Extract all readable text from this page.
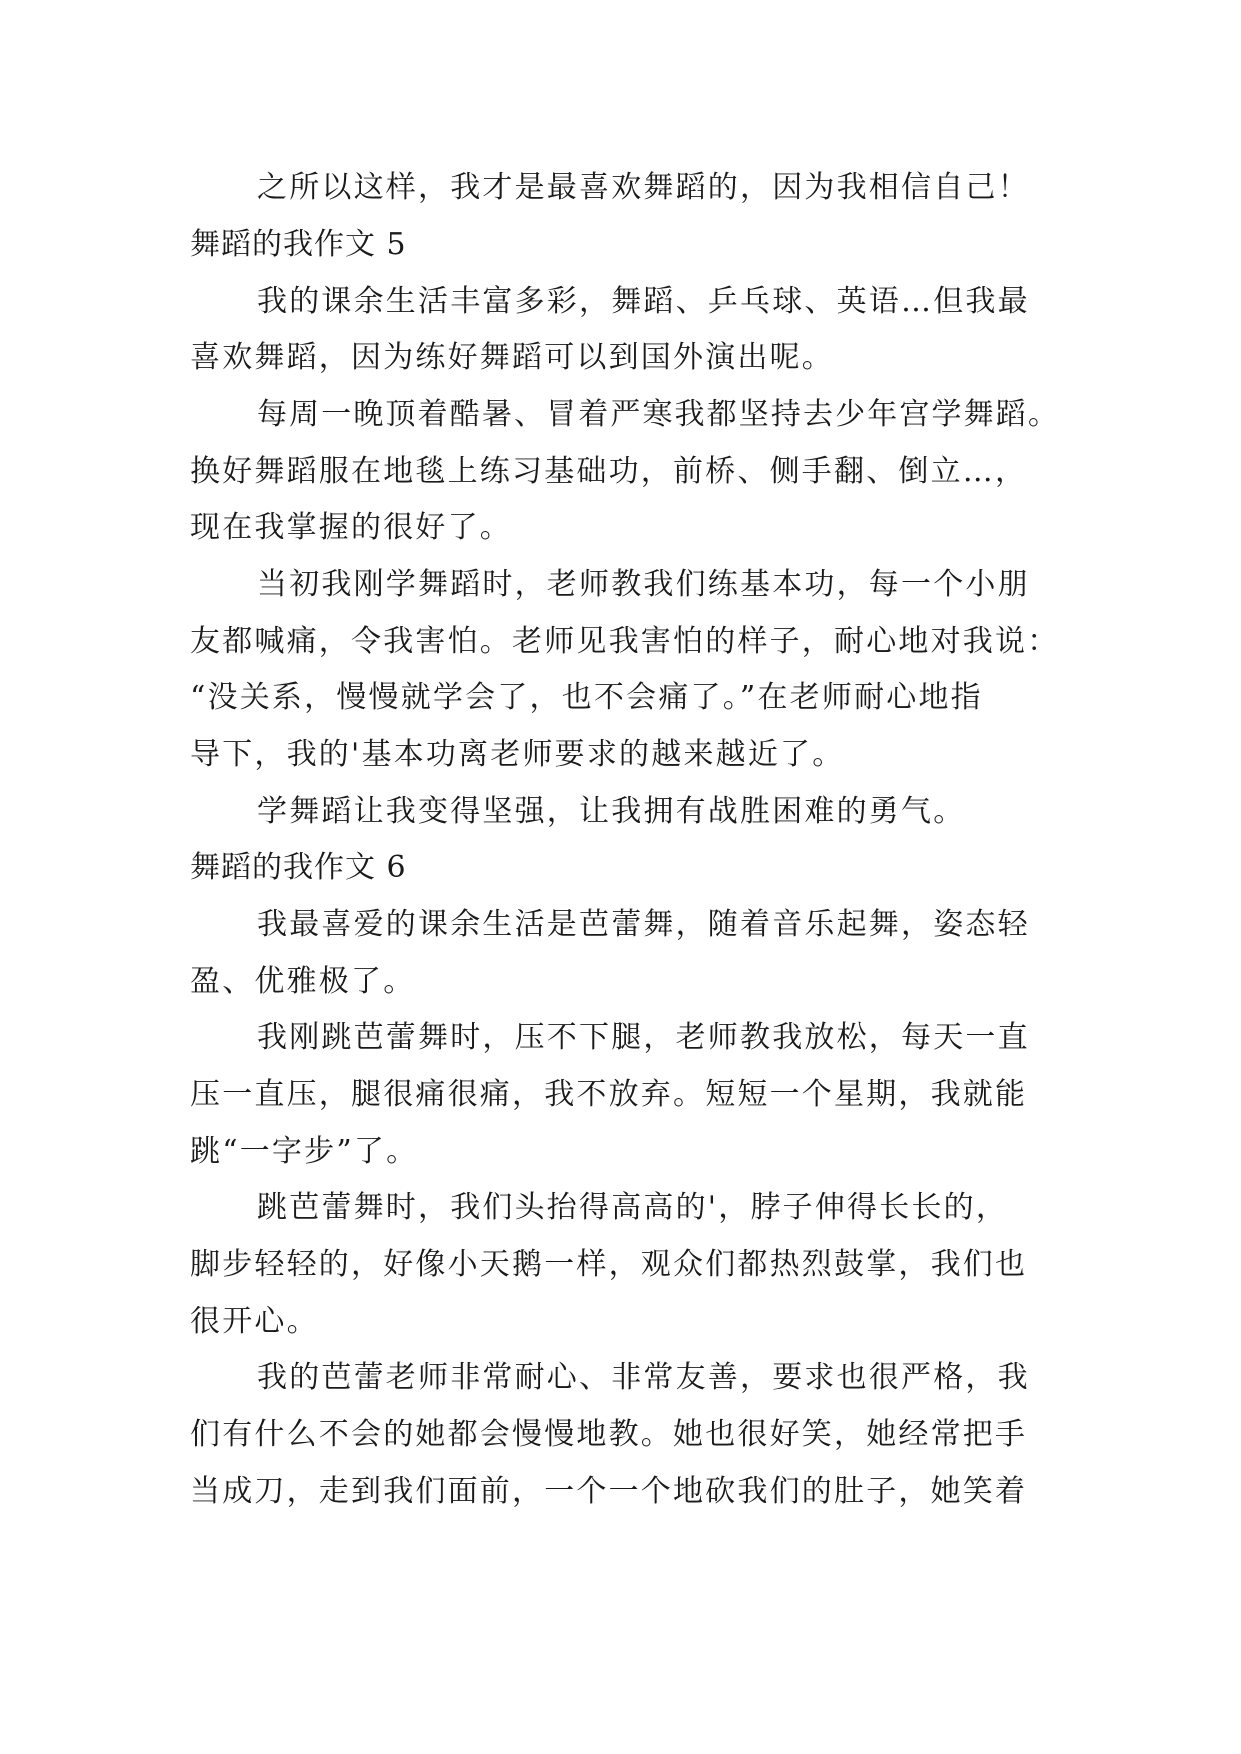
之所以这样，我才是最喜欢舞蹈的，因为我相信自己！
舞蹈的我作文 5
我的课余生活丰富多彩，舞蹈、乒乓球、英语…但我最
喜欢舞蹈，因为练好舞蹈可以到国外演出呢。
每周一晚顶着酷暑、冒着严寒我都坚持去少年宫学舞蹈。
换好舞蹈服在地毯上练习基础功，前桥、侧手翻、倒立…，
现在我掌握的很好了。
当初我刚学舞蹈时，老师教我们练基本功，每一个小朋
友都喊痛，令我害怕。老师见我害怕的样子，耐心地对我说：
“没关系，慢慢就学会了，也不会痛了。”在老师耐心地指
导下，我的'基本功离老师要求的越来越近了。
学舞蹈让我变得坚强，让我拥有战胜困难的勇气。
舞蹈的我作文 6
我最喜爱的课余生活是芭蕾舞，随着音乐起舞，姿态轻
盈、优雅极了。
我刚跳芭蕾舞时，压不下腿，老师教我放松，每天一直
压一直压，腿很痛很痛，我不放弃。短短一个星期，我就能
跳“一字步”了。
跳芭蕾舞时，我们头抬得高高的'，脖子伸得长长的，
脚步轻轻的，好像小天鹅一样，观众们都热烈鼓掌，我们也
很开心。
我的芭蕾老师非常耐心、非常友善，要求也很严格，我
们有什么不会的她都会慢慢地教。她也很好笑，她经常把手
当成刀，走到我们面前，一个一个地砍我们的肚子，她笑着
